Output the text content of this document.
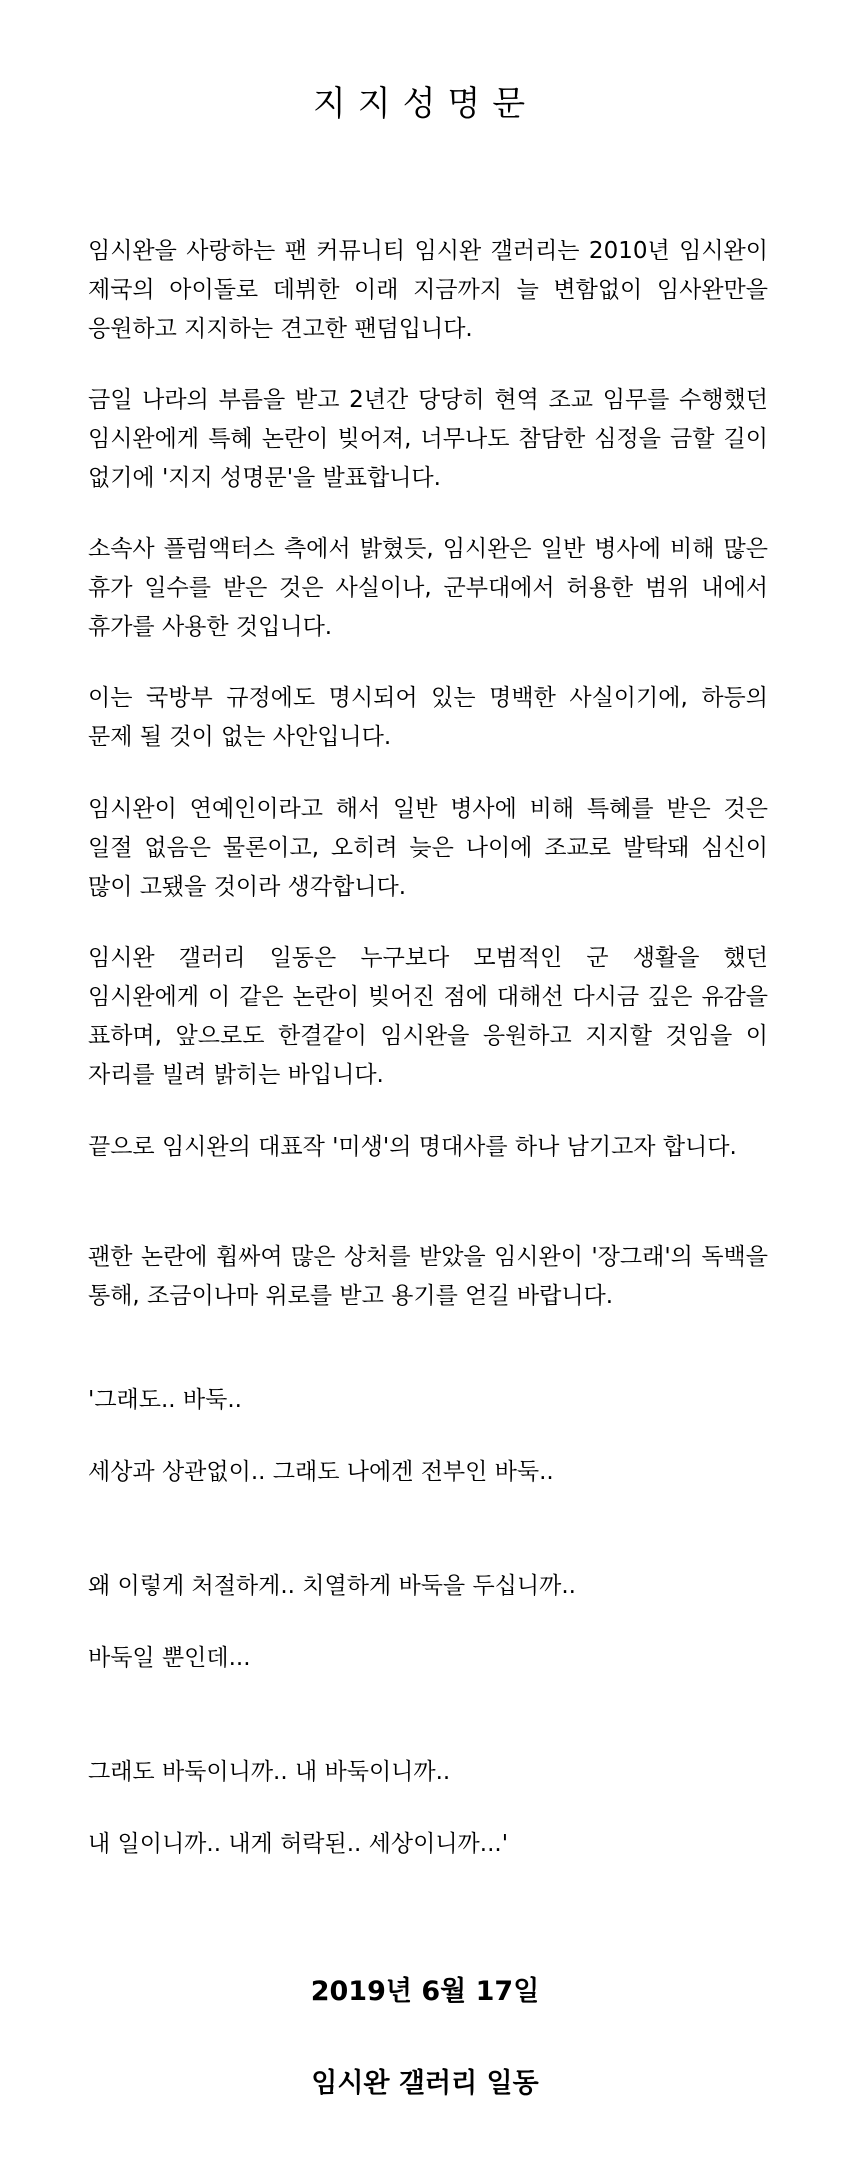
지지성명문

임시완을 사랑하는 팬 커뮤니티 임시완 갤러리는 2010년 임시완이 제국의 아이돌로 데뷔한 이래 지금까지 늘 변함없이 임사완만을 응원하고 지지하는 견고한 팬덤입니다.

금일 나라의 부름을 받고 2년간 당당히 현역 조교 임무를 수행했던 임시완에게 특혜 논란이 빚어져, 너무나도 참담한 심정을 금할 길이 없기에 '지지 성명문'을 발표합니다.

소속사 플럼액터스 측에서 밝혔듯, 임시완은 일반 병사에 비해 많은 휴가 일수를 받은 것은 사실이나, 군부대에서 허용한 범위 내에서 휴가를 사용한 것입니다.

이는 국방부 규정에도 명시되어 있는 명백한 사실이기에, 하등의 문제 될 것이 없는 사안입니다.

임시완이 연예인이라고 해서 일반 병사에 비해 특혜를 받은 것은 일절 없음은 물론이고, 오히려 늦은 나이에 조교로 발탁돼 심신이 많이 고됐을 것이라 생각합니다.

임시완 갤러리 일동은 누구보다 모범적인 군 생활을 했던 임시완에게 이 같은 논란이 빚어진 점에 대해선 다시금 깊은 유감을 표하며, 앞으로도 한결같이 임시완을 응원하고 지지할 것임을 이 자리를 빌려 밝히는 바입니다.

끝으로 임시완의 대표작 '미생'의 명대사를 하나 남기고자 합니다.

괜한 논란에 휩싸여 많은 상처를 받았을 임시완이 '장그래'의 독백을 통해, 조금이나마 위로를 받고 용기를 얻길 바랍니다.

'그래도.. 바둑..

세상과 상관없이.. 그래도 나에겐 전부인 바둑..

왜 이렇게 처절하게.. 치열하게 바둑을 두십니까..

바둑일 뿐인데...

그래도 바둑이니까.. 내 바둑이니까..

내 일이니까.. 내게 허락된.. 세상이니까...'

2019년 6월 17일

임시완 갤러리 일동
